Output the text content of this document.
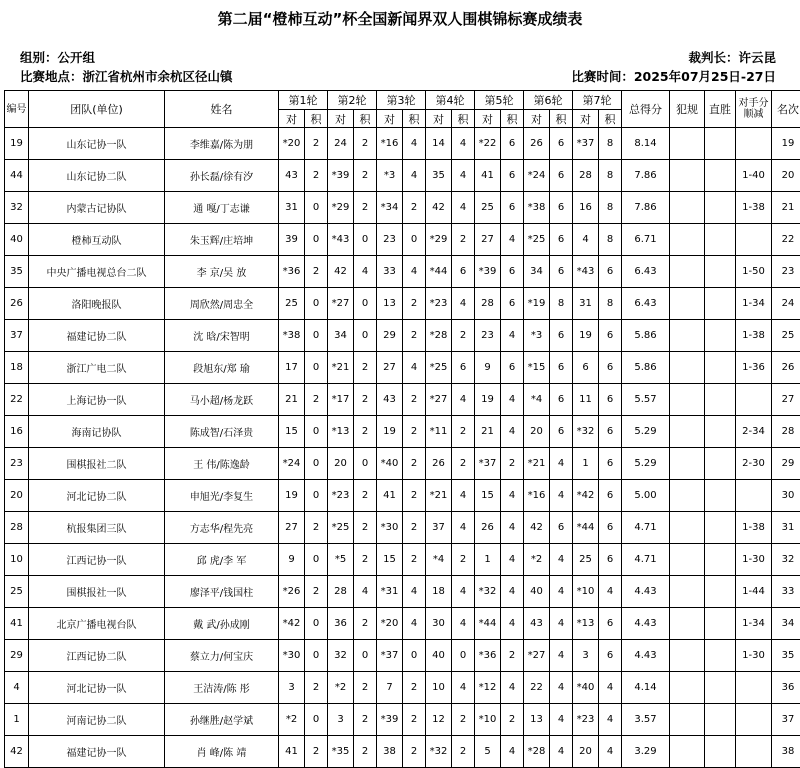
第二届“橙柿互动”杯全国新闻界双人围棋锦标赛成绩表
组别：公开组	裁判长：许云昆
比赛地点：浙江省杭州市余杭区径山镇	比赛时间：2025年07月25日-27日
编号	团队(单位)	姓名	第1轮		第2轮		第3轮		第4轮		第5轮		第6轮		第7轮		总得分	犯规	直胜	对手分顺减	名次
			对	积	对	积	对	积	对	积	对	积	对	积	对	积					
19	山东记协一队	李维嘉/陈为朋	*20	2	24	2	*16	4	14	4	*22	6	26	6	*37	8	8.14				19
44	山东记协二队	孙长磊/徐有汐	43	2	*39	2	*3	4	35	4	41	6	*24	6	28	8	7.86			1-40	20
32	内蒙古记协队	通 嘎/丁志谦	31	0	*29	2	*34	2	42	4	25	6	*38	6	16	8	7.86			1-38	21
40	橙柿互动队	朱玉辉/庄培坤	39	0	*43	0	23	0	*29	2	27	4	*25	6	4	8	6.71				22
35	中央广播电视总台二队	李 京/吴 放	*36	2	42	4	33	4	*44	6	*39	6	34	6	*43	6	6.43			1-50	23
26	洛阳晚报队	周欣然/周忠全	25	0	*27	0	13	2	*23	4	28	6	*19	8	31	8	6.43			1-34	24
37	福建记协二队	沈 晗/宋智明	*38	0	34	0	29	2	*28	2	23	4	*3	6	19	6	5.86			1-38	25
18	浙江广电二队	段旭东/郑 瑜	17	0	*21	2	27	4	*25	6	9	6	*15	6	6	6	5.86			1-36	26
22	上海记协一队	马小超/杨龙跃	21	2	*17	2	43	2	*27	4	19	4	*4	6	11	6	5.57				27
16	海南记协队	陈成智/石泽贵	15	0	*13	2	19	2	*11	2	21	4	20	6	*32	6	5.29			2-34	28
23	围棋报社二队	王 伟/陈逸龄	*24	0	20	0	*40	2	26	2	*37	2	*21	4	1	6	5.29			2-30	29
20	河北记协二队	申旭光/李复生	19	0	*23	2	41	2	*21	4	15	4	*16	4	*42	6	5.00				30
28	杭报集团三队	方志华/程先亮	27	2	*25	2	*30	2	37	4	26	4	42	6	*44	6	4.71			1-38	31
10	江西记协一队	邱 虎/李 军	9	0	*5	2	15	2	*4	2	1	4	*2	4	25	6	4.71			1-30	32
25	围棋报社一队	廖泽平/钱国柱	*26	2	28	4	*31	4	18	4	*32	4	40	4	*10	4	4.43			1-44	33
41	北京广播电视台队	戴 武/孙成刚	*42	0	36	2	*20	4	30	4	*44	4	43	4	*13	6	4.43			1-34	34
29	江西记协二队	蔡立力/何宝庆	*30	0	32	0	*37	0	40	0	*36	2	*27	4	3	6	4.43			1-30	35
4	河北记协一队	王洁涛/陈 彤	3	2	*2	2	7	2	10	4	*12	4	22	4	*40	4	4.14				36
1	河南记协二队	孙继胜/赵学斌	*2	0	3	2	*39	2	12	2	*10	2	13	4	*23	4	3.57				37
42	福建记协一队	肖 峰/陈 靖	41	2	*35	2	38	2	*32	2	5	4	*28	4	20	4	3.29				38
